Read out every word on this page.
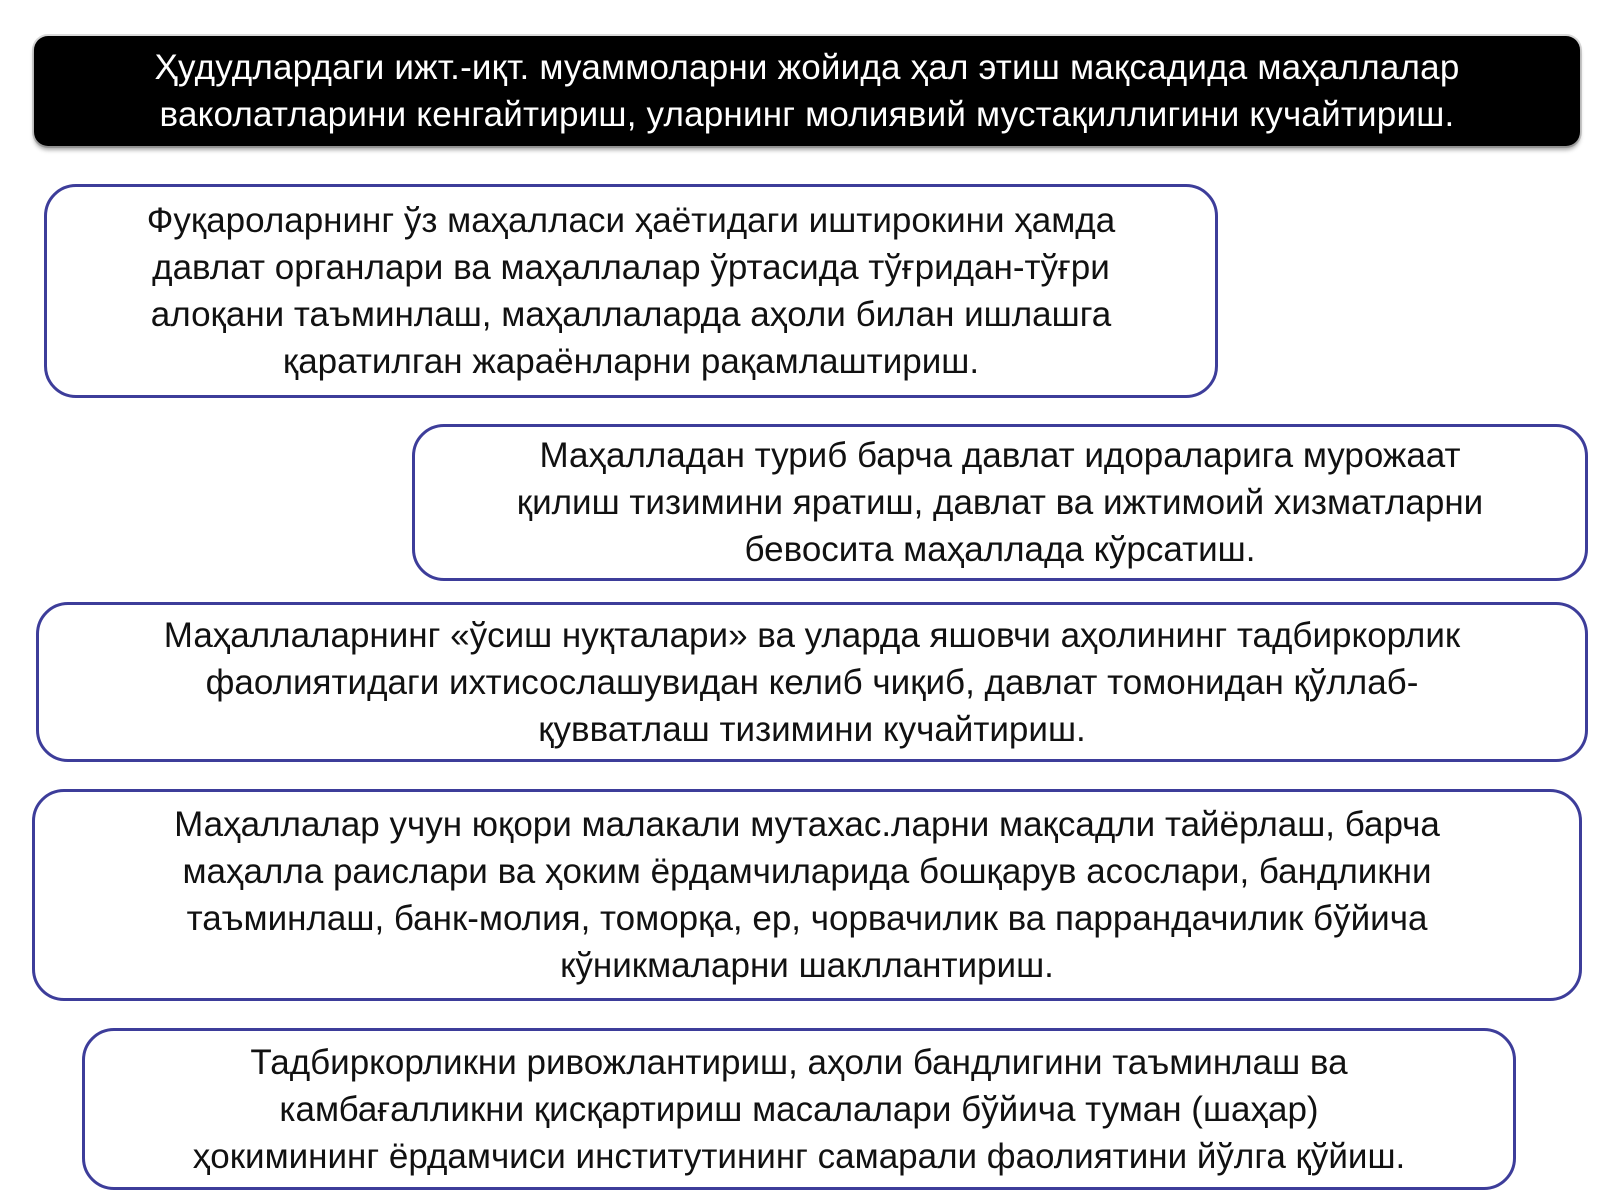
Ҳудудлардаги ижт.-иқт. муаммоларни жойида ҳал этиш мақсадида маҳаллалар
ваколатларини кенгайтириш, уларнинг молиявий мустақиллигини кучайтириш.
Фуқароларнинг ўз маҳалласи ҳаётидаги иштирокини ҳамда
давлат органлари ва маҳаллалар ўртасида тўғридан-тўғри
алоқани таъминлаш, маҳаллаларда аҳоли билан ишлашга
қаратилган жараёнларни рақамлаштириш.
Маҳалладан туриб барча давлат идораларига мурожаат
қилиш тизимини яратиш, давлат ва ижтимоий хизматларни
бевосита маҳаллада кўрсатиш.
Маҳаллаларнинг «ўсиш нуқталари» ва уларда яшовчи аҳолининг тадбиркорлик
фаолиятидаги ихтисослашувидан келиб чиқиб, давлат томонидан қўллаб-
қувватлаш тизимини кучайтириш.
Маҳаллалар учун юқори малакали мутахас.ларни мақсадли тайёрлаш, барча
маҳалла раислари ва ҳоким ёрдамчиларида бошқарув асослари, бандликни
таъминлаш, банк-молия, томорқа, ер, чорвачилик ва паррандачилик бўйича
кўникмаларни шакллантириш.
Тадбиркорликни ривожлантириш, аҳоли бандлигини таъминлаш ва
камбағалликни қисқартириш масалалари бўйича туман (шаҳар)
ҳокимининг ёрдамчиси институтининг самарали фаолиятини йўлга қўйиш.
